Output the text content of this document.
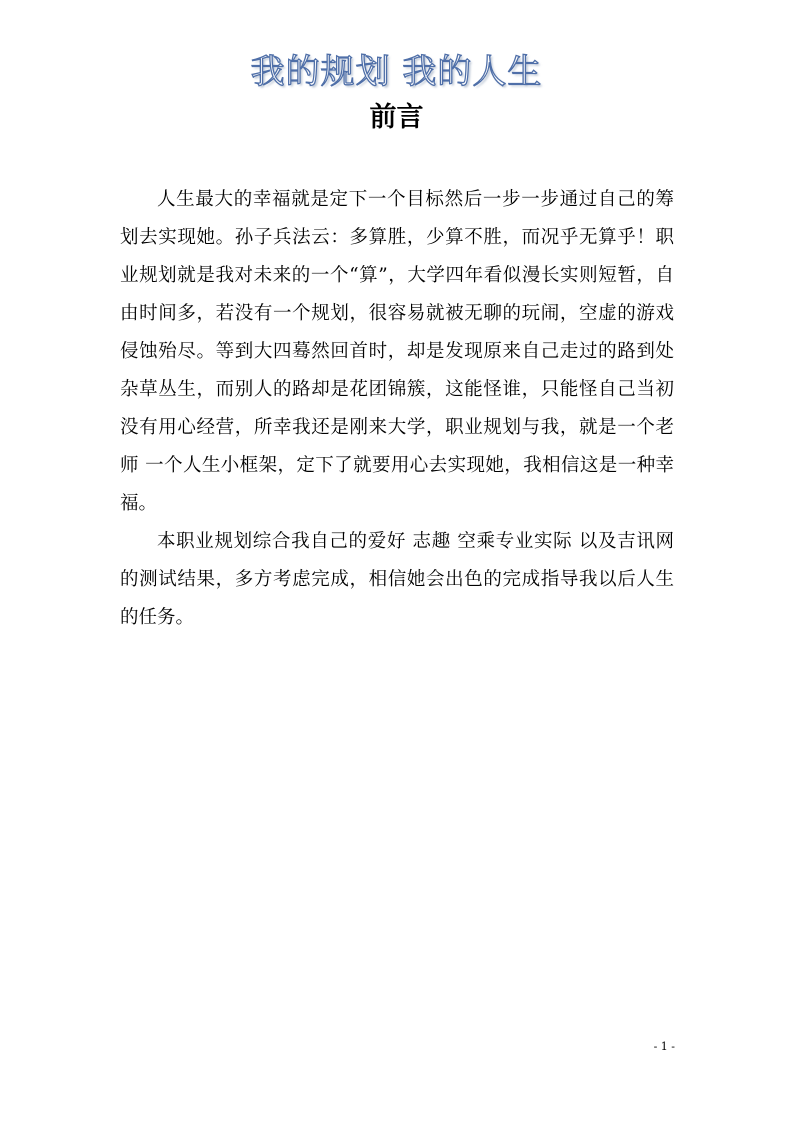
我的规划 我的人生
前言

人生最大的幸福就是定下一个目标然后一步一步通过自己的筹划去实现她。孙子兵法云：多算胜，少算不胜，而况乎无算乎！职业规划就是我对未来的一个“算”，大学四年看似漫长实则短暂，自由时间多，若没有一个规划，很容易就被无聊的玩闹，空虚的游戏侵蚀殆尽。等到大四蓦然回首时，却是发现原来自己走过的路到处杂草丛生，而别人的路却是花团锦簇，这能怪谁，只能怪自己当初没有用心经营，所幸我还是刚来大学，职业规划与我，就是一个老师 一个人生小框架，定下了就要用心去实现她，我相信这是一种幸福。

本职业规划综合我自己的爱好 志趣 空乘专业实际 以及吉讯网的测试结果，多方考虑完成，相信她会出色的完成指导我以后人生的任务。

- 1 -
